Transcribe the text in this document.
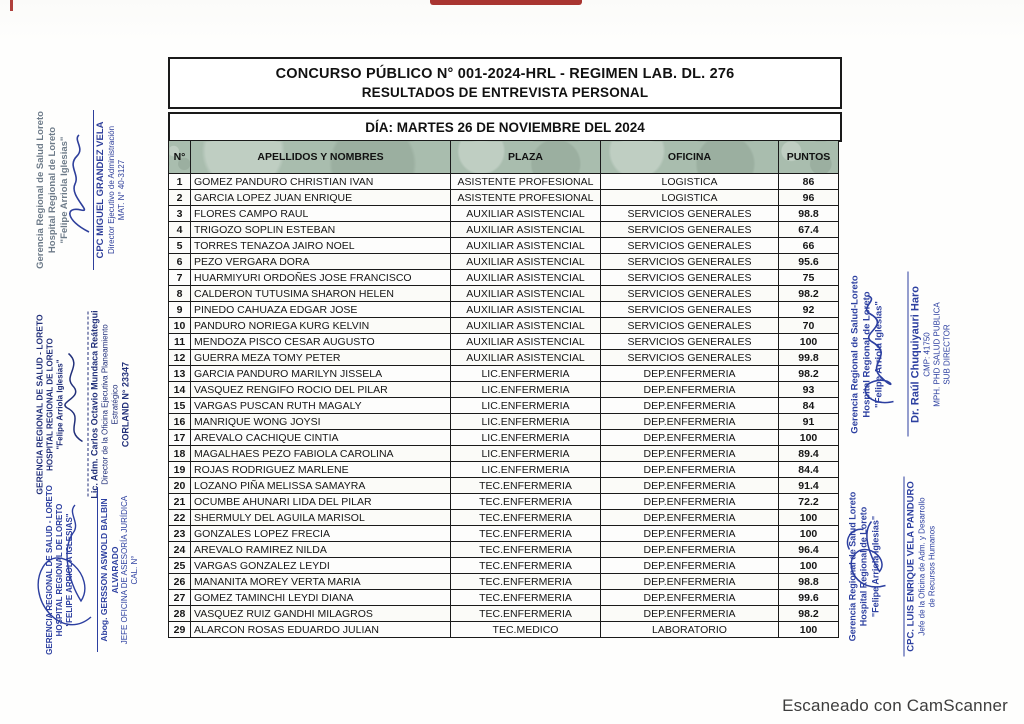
CONCURSO PÚBLICO N° 001-2024-HRL - REGIMEN LAB. DL. 276
RESULTADOS DE ENTREVISTA PERSONAL
DÍA: MARTES 26 DE NOVIEMBRE DEL 2024
N°	APELLIDOS Y NOMBRES	PLAZA	OFICINA	PUNTOS
1	GOMEZ PANDURO CHRISTIAN IVAN	ASISTENTE PROFESIONAL	LOGISTICA	86
2	GARCIA LOPEZ JUAN ENRIQUE	ASISTENTE PROFESIONAL	LOGISTICA	96
3	FLORES CAMPO RAUL	AUXILIAR ASISTENCIAL	SERVICIOS GENERALES	98.8
4	TRIGOZO SOPLIN ESTEBAN	AUXILIAR ASISTENCIAL	SERVICIOS GENERALES	67.4
5	TORRES TENAZOA JAIRO NOEL	AUXILIAR ASISTENCIAL	SERVICIOS GENERALES	66
6	PEZO VERGARA DORA	AUXILIAR ASISTENCIAL	SERVICIOS GENERALES	95.6
7	HUARMIYURI ORDOÑES JOSE FRANCISCO	AUXILIAR ASISTENCIAL	SERVICIOS GENERALES	75
8	CALDERON TUTUSIMA SHARON HELEN	AUXILIAR ASISTENCIAL	SERVICIOS GENERALES	98.2
9	PINEDO CAHUAZA EDGAR JOSE	AUXILIAR ASISTENCIAL	SERVICIOS GENERALES	92
10	PANDURO NORIEGA KURG KELVIN	AUXILIAR ASISTENCIAL	SERVICIOS GENERALES	70
11	MENDOZA PISCO CESAR AUGUSTO	AUXILIAR ASISTENCIAL	SERVICIOS GENERALES	100
12	GUERRA MEZA TOMY PETER	AUXILIAR ASISTENCIAL	SERVICIOS GENERALES	99.8
13	GARCIA PANDURO MARILYN JISSELA	LIC.ENFERMERIA	DEP.ENFERMERIA	98.2
14	VASQUEZ RENGIFO ROCIO DEL PILAR	LIC.ENFERMERIA	DEP.ENFERMERIA	93
15	VARGAS PUSCAN RUTH MAGALY	LIC.ENFERMERIA	DEP.ENFERMERIA	84
16	MANRIQUE WONG JOYSI	LIC.ENFERMERIA	DEP.ENFERMERIA	91
17	AREVALO CACHIQUE CINTIA	LIC.ENFERMERIA	DEP.ENFERMERIA	100
18	MAGALHAES PEZO FABIOLA CAROLINA	LIC.ENFERMERIA	DEP.ENFERMERIA	89.4
19	ROJAS RODRIGUEZ MARLENE	LIC.ENFERMERIA	DEP.ENFERMERIA	84.4
20	LOZANO PIÑA MELISSA SAMAYRA	TEC.ENFERMERIA	DEP.ENFERMERIA	91.4
21	OCUMBE AHUNARI LIDA DEL PILAR	TEC.ENFERMERIA	DEP.ENFERMERIA	72.2
22	SHERMULY DEL AGUILA MARISOL	TEC.ENFERMERIA	DEP.ENFERMERIA	100
23	GONZALES LOPEZ FRECIA	TEC.ENFERMERIA	DEP.ENFERMERIA	100
24	AREVALO RAMIREZ NILDA	TEC.ENFERMERIA	DEP.ENFERMERIA	96.4
25	VARGAS GONZALEZ LEYDI	TEC.ENFERMERIA	DEP.ENFERMERIA	100
26	MANANITA MOREY VERTA MARIA	TEC.ENFERMERIA	DEP.ENFERMERIA	98.8
27	GOMEZ TAMINCHI LEYDI DIANA	TEC.ENFERMERIA	DEP.ENFERMERIA	99.6
28	VASQUEZ RUIZ GANDHI MILAGROS	TEC.ENFERMERIA	DEP.ENFERMERIA	98.2
29	ALARCON ROSAS EDUARDO JULIAN	TEC.MEDICO	LABORATORIO	100
Gerencia Regional de Salud Loreto Hospital Regional de Loreto "Felipe Arriola Iglesias"	CPC MIGUEL GRANDEZ VELA Director Ejecutivo de Administración MAT. N° 40-3127
GERENCIA REGIONAL DE SALUD - LORETO HOSPITAL REGIONAL DE LORETO "Felipe Arriola Iglesias"	Lic. Adm. Carlos Octavio Mundaca Reátegui Director de la Oficina Ejecutiva Planeamiento Estratégico CORLAND N° 23347
GERENCIA REGIONAL DE SALUD - LORETO HOSPITAL REGIONAL DE LORETO "FELIPE ARRIOLA IGLESIAS"	Abog. GERSSON ASWOLD BALBIN ALVARADO JEFE OFICINA DE ASESORÍA JURÍDICA CAL. N°
Gerencia Regional de Salud-Loreto Hospital Regional de Loreto "Felipe Arriola Iglesias" Dr. Raúl Chuquiyauri Haro CMP: 41750 MPH. PHD SALUD PUBLICA SUB DIRECTOR
Gerencia Regional de Salud Loreto Hospital Regional de Loreto "Felipe Arriola Iglesias"	CPC. LUIS ENRIQUE VELA PANDURO Jefe de la Oficina de Adm. y Desarrollo de Recursos Humanos
Escaneado con CamScanner
